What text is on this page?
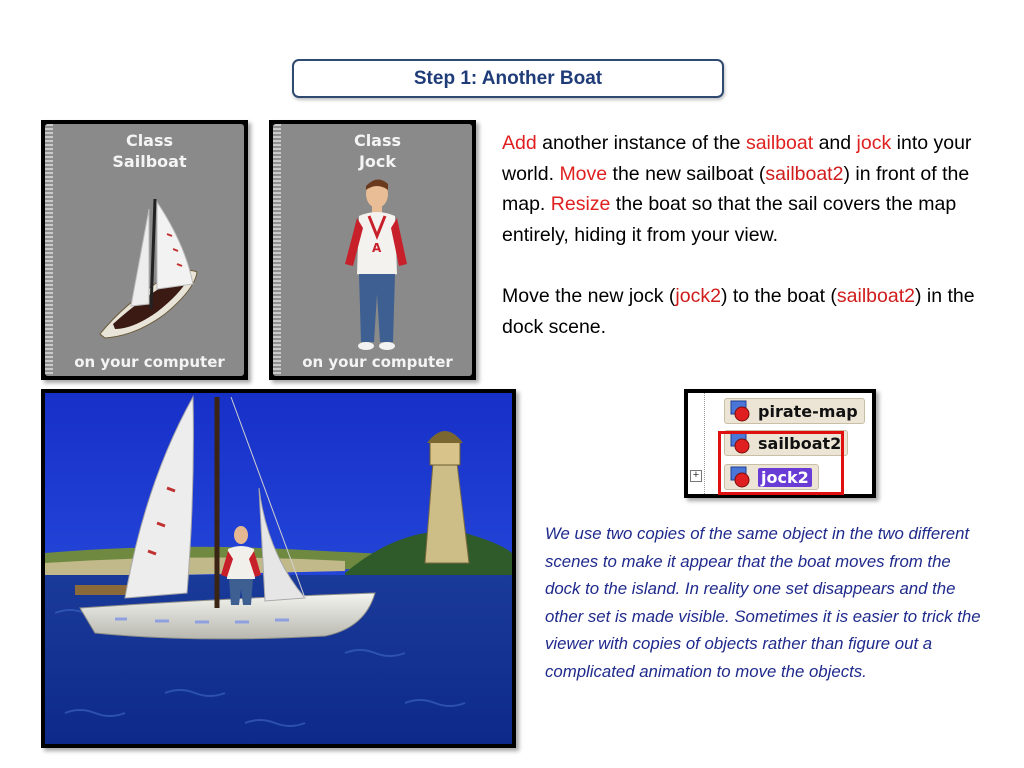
Step 1: Another Boat
Class
Sailboat
on your computer
Class
Jock
A
on your computer

Add another instance of the sailboat and jock into your world. Move the new sailboat (sailboat2) in front of the map. Resize the boat so that the sail covers the map entirely, hiding it from your view.

Move the new jock (jock2) to the boat (sailboat2) in the dock scene.

pirate-map
sailboat2
+	jock2
We use two copies of the same object in the two different scenes to make it appear that the boat moves from the dock to the island. In reality one set disappears and the other set is made visible. Sometimes it is easier to trick the viewer with copies of objects rather than figure out a complicated animation to move the objects.
